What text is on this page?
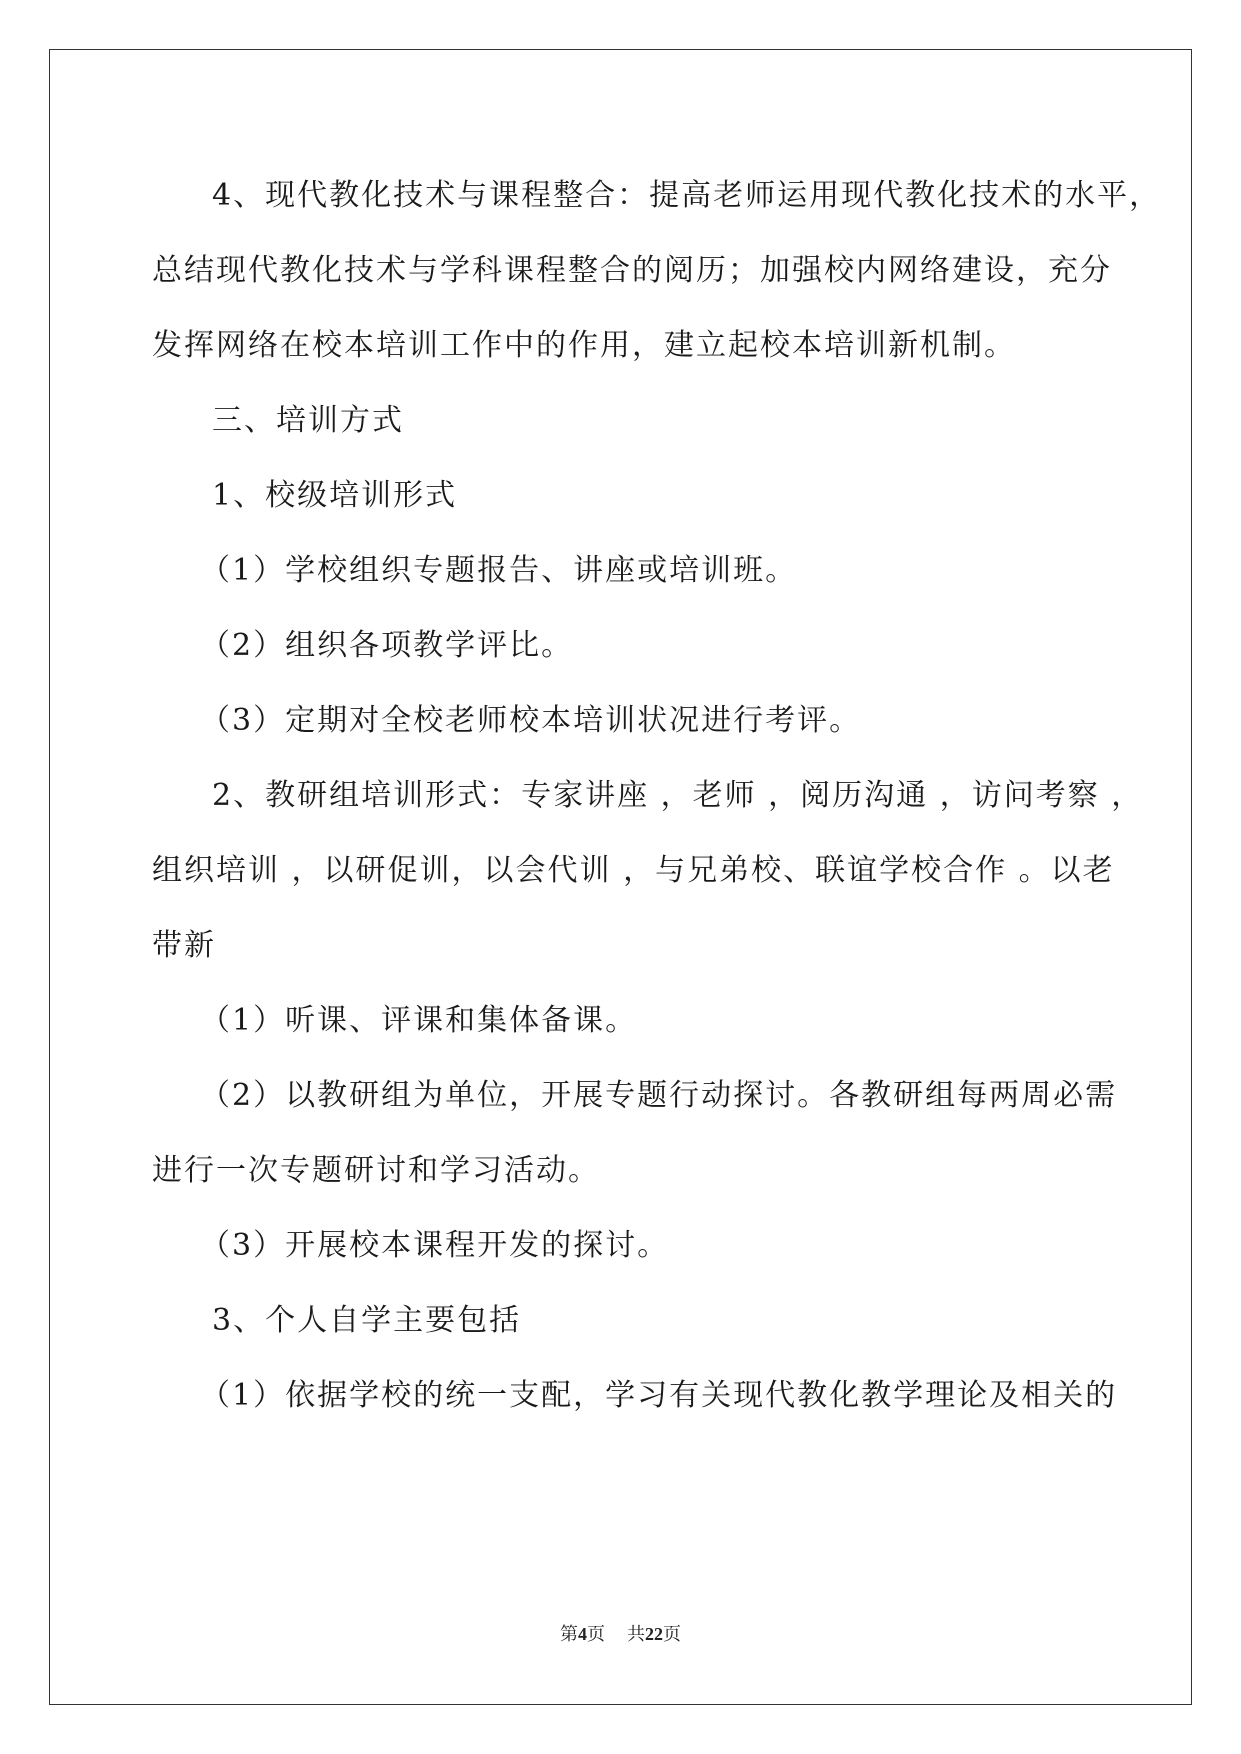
4、现代教化技术与课程整合：提高老师运用现代教化技术的水平，

总结现代教化技术与学科课程整合的阅历；加强校内网络建设，充分

发挥网络在校本培训工作中的作用，建立起校本培训新机制。

三、培训方式

1、校级培训形式

（1）学校组织专题报告、讲座或培训班。

（2）组织各项教学评比。

（3）定期对全校老师校本培训状况进行考评。

2、教研组培训形式：专家讲座 ，老师 ，阅历沟通 ，访问考察 ，

组织培训 ，以研促训，以会代训 ，与兄弟校、联谊学校合作 。以老

带新

（1）听课、评课和集体备课。

（2）以教研组为单位，开展专题行动探讨。各教研组每两周必需

进行一次专题研讨和学习活动。

（3）开展校本课程开发的探讨。

3、个人自学主要包括

（1）依据学校的统一支配，学习有关现代教化教学理论及相关的

第4页 共22页
